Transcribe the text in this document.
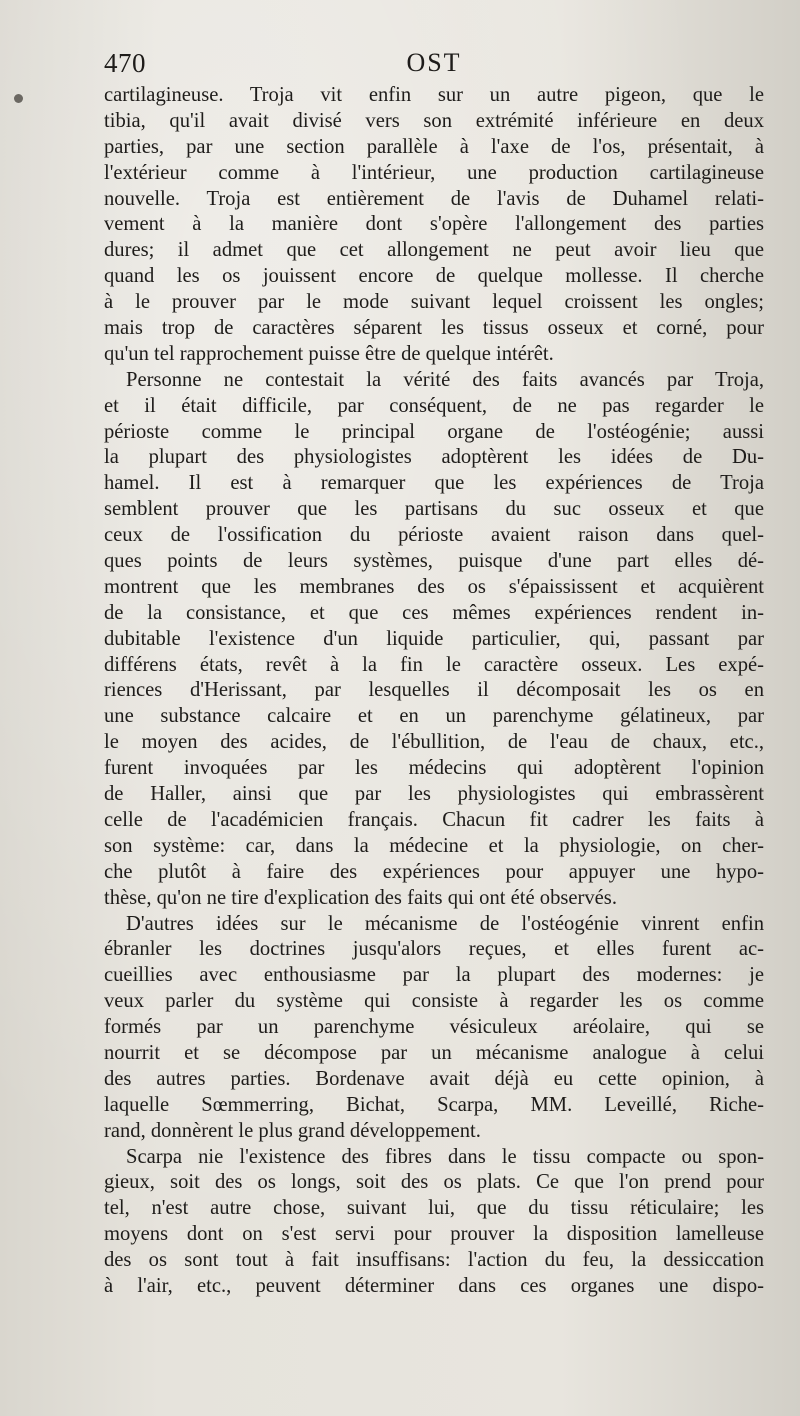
470	OST
cartilagineuse. Troja vit enfin sur un autre pigeon, que le
tibia, qu'il avait divisé vers son extrémité inférieure en deux
parties, par une section parallèle à l'axe de l'os, présentait, à
l'extérieur comme à l'intérieur, une production cartilagineuse
nouvelle. Troja est entièrement de l'avis de Duhamel relati-
vement à la manière dont s'opère l'allongement des parties
dures; il admet que cet allongement ne peut avoir lieu que
quand les os jouissent encore de quelque mollesse. Il cherche
à le prouver par le mode suivant lequel croissent les ongles;
mais trop de caractères séparent les tissus osseux et corné, pour
qu'un tel rapprochement puisse être de quelque intérêt.
Personne ne contestait la vérité des faits avancés par Troja,
et il était difficile, par conséquent, de ne pas regarder le
périoste comme le principal organe de l'ostéogénie; aussi
la plupart des physiologistes adoptèrent les idées de Du-
hamel. Il est à remarquer que les expériences de Troja
semblent prouver que les partisans du suc osseux et que
ceux de l'ossification du périoste avaient raison dans quel-
ques points de leurs systèmes, puisque d'une part elles dé-
montrent que les membranes des os s'épaississent et acquièrent
de la consistance, et que ces mêmes expériences rendent in-
dubitable l'existence d'un liquide particulier, qui, passant par
différens états, revêt à la fin le caractère osseux. Les expé-
riences d'Herissant, par lesquelles il décomposait les os en
une substance calcaire et en un parenchyme gélatineux, par
le moyen des acides, de l'ébullition, de l'eau de chaux, etc.,
furent invoquées par les médecins qui adoptèrent l'opinion
de Haller, ainsi que par les physiologistes qui embrassèrent
celle de l'académicien français. Chacun fit cadrer les faits à
son système: car, dans la médecine et la physiologie, on cher-
che plutôt à faire des expériences pour appuyer une hypo-
thèse, qu'on ne tire d'explication des faits qui ont été observés.
D'autres idées sur le mécanisme de l'ostéogénie vinrent enfin
ébranler les doctrines jusqu'alors reçues, et elles furent ac-
cueillies avec enthousiasme par la plupart des modernes: je
veux parler du système qui consiste à regarder les os comme
formés par un parenchyme vésiculeux aréolaire, qui se
nourrit et se décompose par un mécanisme analogue à celui
des autres parties. Bordenave avait déjà eu cette opinion, à
laquelle Sœmmerring, Bichat, Scarpa, MM. Leveillé, Riche-
rand, donnèrent le plus grand développement.
Scarpa nie l'existence des fibres dans le tissu compacte ou spon-
gieux, soit des os longs, soit des os plats. Ce que l'on prend pour
tel, n'est autre chose, suivant lui, que du tissu réticulaire; les
moyens dont on s'est servi pour prouver la disposition lamelleuse
des os sont tout à fait insuffisans: l'action du feu, la dessiccation
à l'air, etc., peuvent déterminer dans ces organes une dispo-
